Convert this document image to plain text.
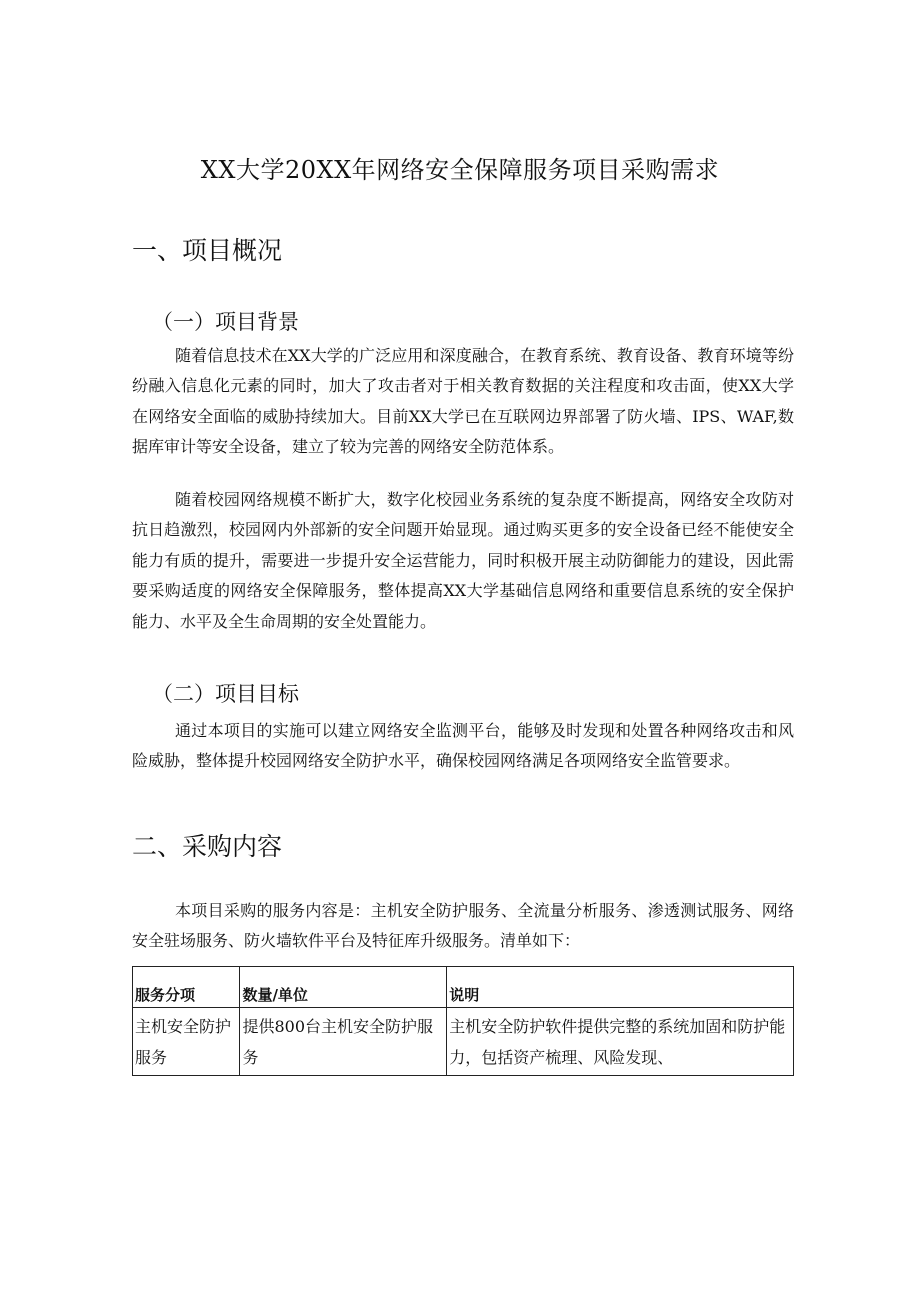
XX大学20XX年网络安全保障服务项目采购需求
一、项目概况
（一）项目背景

随着信息技术在XX大学的广泛应用和深度融合，在教育系统、教育设备、教育环境等纷纷融入信息化元素的同时，加大了攻击者对于相关教育数据的关注程度和攻击面，使XX大学在网络安全面临的威胁持续加大。目前XX大学已在互联网边界部署了防火墙、IPS、WAF,数据库审计等安全设备，建立了较为完善的网络安全防范体系。

随着校园网络规模不断扩大，数字化校园业务系统的复杂度不断提高，网络安全攻防对抗日趋激烈，校园网内外部新的安全问题开始显现。通过购买更多的安全设备已经不能使安全能力有质的提升，需要进一步提升安全运营能力，同时积极开展主动防御能力的建设，因此需要采购适度的网络安全保障服务，整体提高XX大学基础信息网络和重要信息系统的安全保护能力、水平及全生命周期的安全处置能力。

（二）项目目标

通过本项目的实施可以建立网络安全监测平台，能够及时发现和处置各种网络攻击和风险威胁，整体提升校园网络安全防护水平，确保校园网络满足各项网络安全监管要求。

二、采购内容

本项目采购的服务内容是：主机安全防护服务、全流量分析服务、渗透测试服务、网络安全驻场服务、防火墙软件平台及特征库升级服务。清单如下：

服务分项	数量/单位	说明
主机安全防护服务	提供800台主机安全防护服务	主机安全防护软件提供完整的系统加固和防护能力，包括资产梳理、风险发现、
